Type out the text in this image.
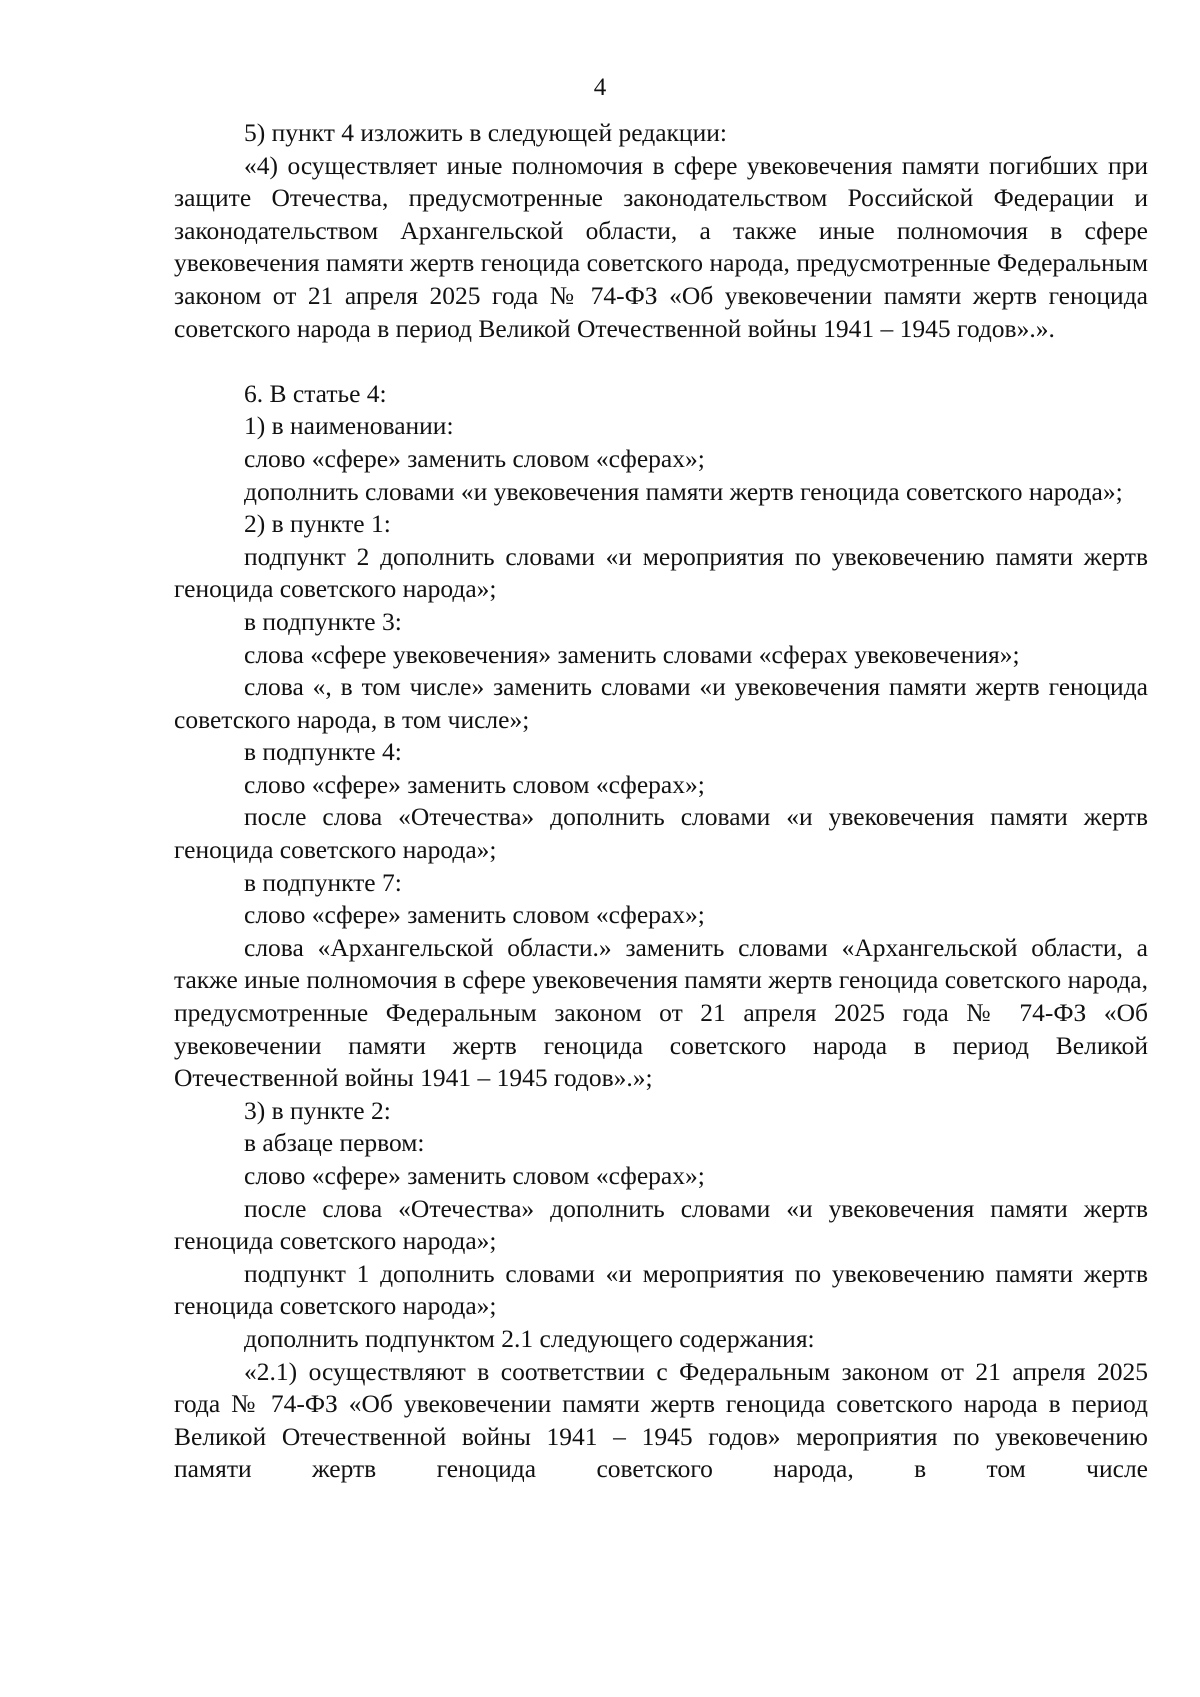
4

5) пункт 4 изложить в следующей редакции:

«4) осуществляет иные полномочия в сфере увековечения памяти погибших при защите Отечества, предусмотренные законодательством Российской Федерации и законодательством Архангельской области, а также иные полномочия в сфере увековечения памяти жертв геноцида советского народа, предусмотренные Федеральным законом от 21 апреля 2025 года № 74-ФЗ «Об увековечении памяти жертв геноцида советского народа в период Великой Отечественной войны 1941 – 1945 годов».».

6. В статье 4:

1) в наименовании:

слово «сфере» заменить словом «сферах»;

дополнить словами «и увековечения памяти жертв геноцида советского народа»;

2) в пункте 1:

подпункт 2 дополнить словами «и мероприятия по увековечению памяти жертв геноцида советского народа»;

в подпункте 3:

слова «сфере увековечения» заменить словами «сферах увековечения»;

слова «, в том числе» заменить словами «и увековечения памяти жертв геноцида советского народа, в том числе»;

в подпункте 4:

слово «сфере» заменить словом «сферах»;

после слова «Отечества» дополнить словами «и увековечения памяти жертв геноцида советского народа»;

в подпункте 7:

слово «сфере» заменить словом «сферах»;

слова «Архангельской области.» заменить словами «Архангельской области, а также иные полномочия в сфере увековечения памяти жертв геноцида советского народа, предусмотренные Федеральным законом от 21 апреля 2025 года № 74-ФЗ «Об увековечении памяти жертв геноцида советского народа в период Великой Отечественной войны 1941 – 1945 годов».»;

3) в пункте 2:

в абзаце первом:

слово «сфере» заменить словом «сферах»;

после слова «Отечества» дополнить словами «и увековечения памяти жертв геноцида советского народа»;

подпункт 1 дополнить словами «и мероприятия по увековечению памяти жертв геноцида советского народа»;

дополнить подпунктом 2.1 следующего содержания:

«2.1) осуществляют в соответствии с Федеральным законом от 21 апреля 2025 года № 74-ФЗ «Об увековечении памяти жертв геноцида советского народа в период Великой Отечественной войны 1941 – 1945 годов» мероприятия по увековечению памяти жертв геноцида советского народа, в том числе
